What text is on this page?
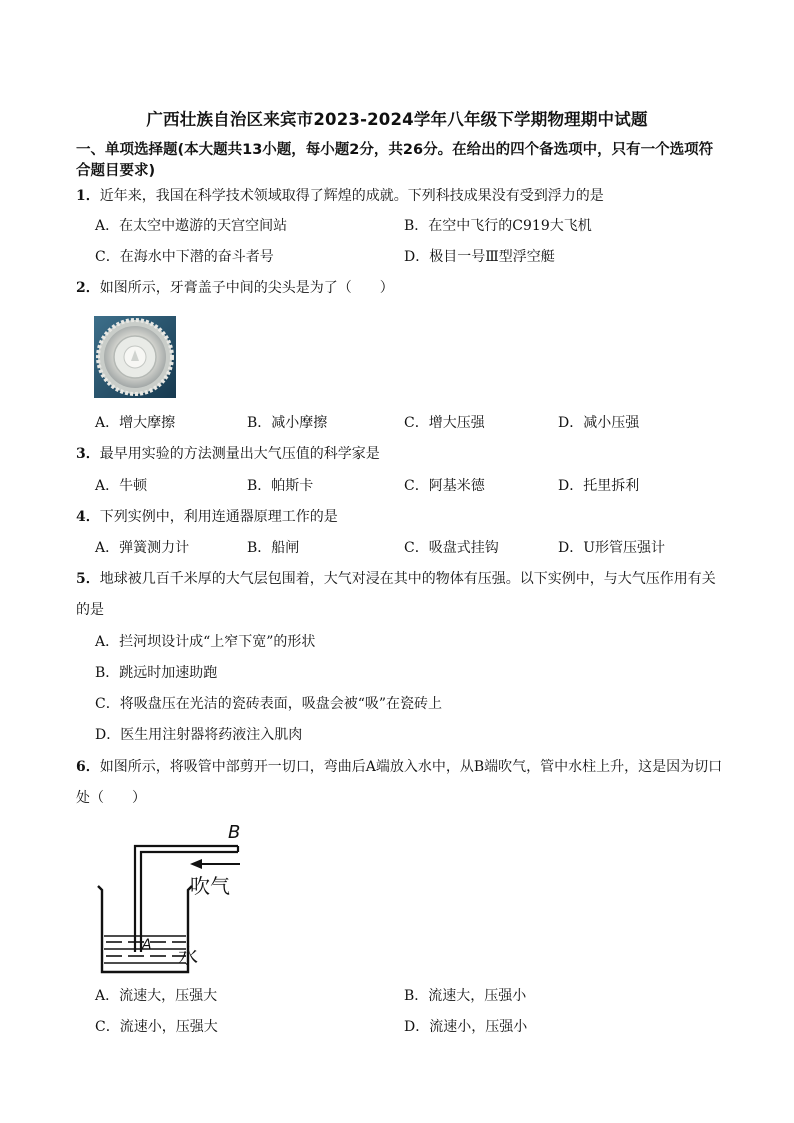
广西壮族自治区来宾市2023-2024学年八年级下学期物理期中试题
一、单项选择题(本大题共13小题，每小题2分，共26分。在给出的四个备选项中，只有一个选项符合题目要求)
1．近年来，我国在科学技术领域取得了辉煌的成就。下列科技成果没有受到浮力的是
A．在太空中遨游的天宫空间站	B．在空中飞行的C919大飞机
C．在海水中下潜的奋斗者号	D．极目一号Ⅲ型浮空艇
2．如图所示，牙膏盖子中间的尖头是为了（　　）
A．增大摩擦	B．减小摩擦	C．增大压强	D．减小压强
3．最早用实验的方法测量出大气压值的科学家是
A．牛顿	B．帕斯卡	C．阿基米德	D．托里拆利
4．下列实例中，利用连通器原理工作的是
A．弹簧测力计	B．船闸	C．吸盘式挂钩	D．U形管压强计
5．地球被几百千米厚的大气层包围着，大气对浸在其中的物体有压强。以下实例中，与大气压作用有关的是
A．拦河坝设计成“上窄下宽”的形状
B．跳远时加速助跑
C．将吸盘压在光洁的瓷砖表面，吸盘会被“吸”在瓷砖上
D．医生用注射器将药液注入肌肉
6．如图所示，将吸管中部剪开一切口，弯曲后A端放入水中，从B端吹气，管中水柱上升，这是因为切口处（　　）
B
A
吹气
水
A．流速大，压强大	B．流速大，压强小
C．流速小，压强大	D．流速小，压强小
